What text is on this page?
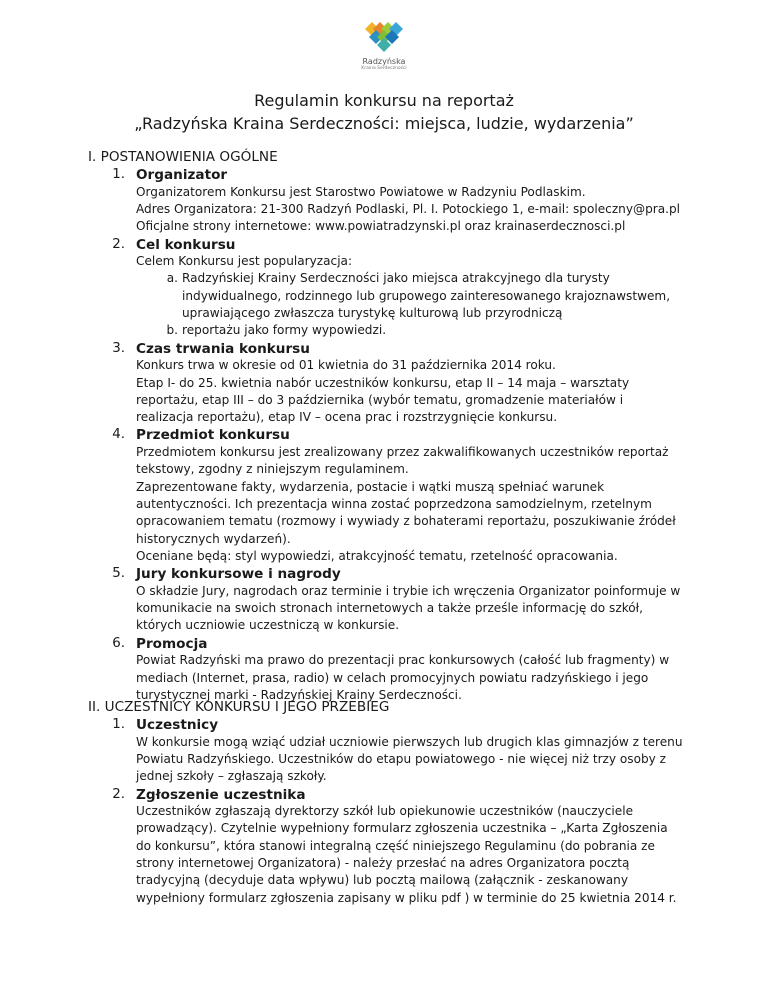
Radzyńska
Kraina Serdeczności
Regulamin konkursu na reportaż
„Radzyńska Kraina Serdeczności: miejsca, ludzie, wydarzenia”
I. POSTANOWIENIA OGÓLNE
1. Organizator
Organizatorem Konkursu jest Starostwo Powiatowe w Radzyniu Podlaskim.
Adres Organizatora: 21-300 Radzyń Podlaski, Pl. I. Potockiego 1, e-mail: spoleczny@pra.pl
Oficjalne strony internetowe: www.powiatradzynski.pl oraz krainaserdecznosci.pl
2. Cel konkursu
Celem Konkursu jest popularyzacja:
a. Radzyńskiej Krainy Serdeczności jako miejsca atrakcyjnego dla turysty
indywidualnego, rodzinnego lub grupowego zainteresowanego krajoznawstwem,
uprawiającego zwłaszcza turystykę kulturową lub przyrodniczą
b. reportażu jako formy wypowiedzi.
3. Czas trwania konkursu
Konkurs trwa w okresie od 01 kwietnia do 31 października 2014 roku.
Etap I- do 25. kwietnia nabór uczestników konkursu, etap II – 14 maja – warsztaty
reportażu, etap III – do 3 października (wybór tematu, gromadzenie materiałów i
realizacja reportażu), etap IV – ocena prac i rozstrzygnięcie konkursu.
4. Przedmiot konkursu
Przedmiotem konkursu jest zrealizowany przez zakwalifikowanych uczestników reportaż
tekstowy, zgodny z niniejszym regulaminem.
Zaprezentowane fakty, wydarzenia, postacie i wątki muszą spełniać warunek
autentyczności. Ich prezentacja winna zostać poprzedzona samodzielnym, rzetelnym
opracowaniem tematu (rozmowy i wywiady z bohaterami reportażu, poszukiwanie źródeł
historycznych wydarzeń).
Oceniane będą: styl wypowiedzi, atrakcyjność tematu, rzetelność opracowania.
5. Jury konkursowe i nagrody
O składzie Jury, nagrodach oraz terminie i trybie ich wręczenia Organizator poinformuje w
komunikacie na swoich stronach internetowych a także prześle informację do szkół,
których uczniowie uczestniczą w konkursie.
6. Promocja
Powiat Radzyński ma prawo do prezentacji prac konkursowych (całość lub fragmenty) w
mediach (Internet, prasa, radio) w celach promocyjnych powiatu radzyńskiego i jego
turystycznej marki - Radzyńskiej Krainy Serdeczności.
II. UCZESTNICY KONKURSU I JEGO PRZEBIEG
1. Uczestnicy
W konkursie mogą wziąć udział uczniowie pierwszych lub drugich klas gimnazjów z terenu
Powiatu Radzyńskiego. Uczestników do etapu powiatowego - nie więcej niż trzy osoby z
jednej szkoły – zgłaszają szkoły.
2. Zgłoszenie uczestnika
Uczestników zgłaszają dyrektorzy szkół lub opiekunowie uczestników (nauczyciele
prowadzący). Czytelnie wypełniony formularz zgłoszenia uczestnika – „Karta Zgłoszenia
do konkursu”, która stanowi integralną część niniejszego Regulaminu (do pobrania ze
strony internetowej Organizatora) - należy przesłać na adres Organizatora pocztą
tradycyjną (decyduje data wpływu) lub pocztą mailową (załącznik - zeskanowany
wypełniony formularz zgłoszenia zapisany w pliku pdf ) w terminie do 25 kwietnia 2014 r.
